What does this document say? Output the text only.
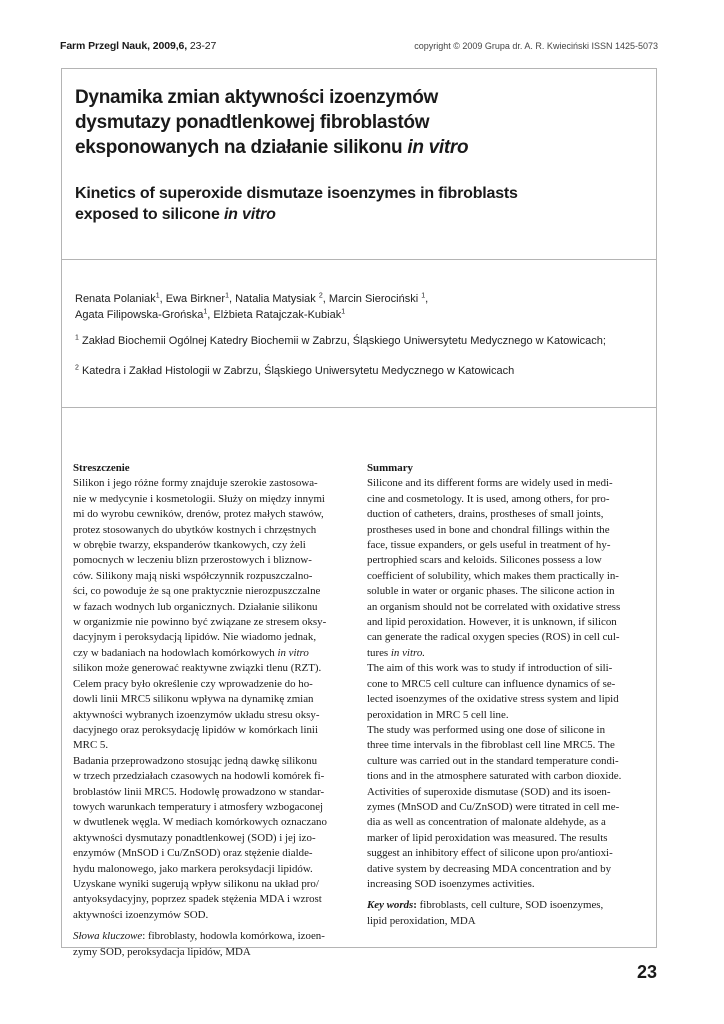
Farm Przegl Nauk, 2009,6, 23-27	copyright © 2009 Grupa dr. A. R. Kwieciński ISSN 1425-5073
Dynamika zmian aktywności izoenzymów
dysmutazy ponadtlenkowej fibroblastów
eksponowanych na działanie silikonu in vitro
Kinetics of superoxide dismutaze isoenzymes in fibroblasts
exposed to silicone in vitro
Renata Polaniak$^1$, Ewa Birkner$^1$, Natalia Matysiak $^2$, Marcin Sierociński $^1$,
Agata Filipowska-Grońska$^1$, Elżbieta Ratajczak-Kubiak$^1$
$^1$ Zakład Biochemii Ogólnej Katedry Biochemii w Zabrzu, Śląskiego Uniwersytetu Medycznego w Katowicach;
$^2$ Katedra i Zakład Histologii w Zabrzu, Śląskiego Uniwersytetu Medycznego w Katowicach
Streszczenie
Silikon i jego różne formy znajduje szerokie zastosowa-
nie w medycynie i kosmetologii. Służy on między innymi
mi do wyrobu cewników, drenów, protez małych stawów,
protez stosowanych do ubytków kostnych i chrzęstnych
w obrębie twarzy, ekspanderów tkankowych, czy żeli
pomocnych w leczeniu blizn przerostowych i bliznow-
ców. Silikony mają niski współczynnik rozpuszczalno-
ści, co powoduje że są one praktycznie nierozpuszczalne
w fazach wodnych lub organicznych. Działanie silikonu
w organizmie nie powinno być związane ze stresem oksy-
dacyjnym i peroksydacją lipidów. Nie wiadomo jednak,
czy w badaniach na hodowlach komórkowych in vitro
silikon może generować reaktywne związki tlenu (RZT).
Celem pracy było określenie czy wprowadzenie do ho-
dowli linii MRC5 silikonu wpływa na dynamikę zmian
aktywności wybranych izoenzymów układu stresu oksy-
dacyjnego oraz peroksydację lipidów w komórkach linii
MRC 5.
Badania przeprowadzono stosując jedną dawkę silikonu
w trzech przedziałach czasowych na hodowli komórek fi-
broblastów linii MRC5. Hodowlę prowadzono w standar-
towych warunkach temperatury i atmosfery wzbogaconej
w dwutlenek węgla. W mediach komórkowych oznaczano
aktywności dysmutazy ponadtlenkowej (SOD) i jej izo-
enzymów (MnSOD i Cu/ZnSOD) oraz stężenie dialde-
hydu malonowego, jako markera peroksydacji lipidów.
Uzyskane wyniki sugerują wpływ silikonu na układ pro/
antyoksydacyjny, poprzez spadek stężenia MDA i wzrost
aktywności izoenzymów SOD.
Słowa kluczowe: fibroblasty, hodowla komórkowa, izoen-
zymy SOD, peroksydacja lipidów, MDA
Summary
Silicone and its different forms are widely used in medi-
cine and cosmetology. It is used, among others, for pro-
duction of catheters, drains, prostheses of small joints,
prostheses used in bone and chondral fillings within the
face, tissue expanders, or gels useful in treatment of hy-
pertrophied scars and keloids. Silicones possess a low
coefficient of solubility, which makes them practically in-
soluble in water or organic phases. The silicone action in
an organism should not be correlated with oxidative stress
and lipid peroxidation. However, it is unknown, if silicon
can generate the radical oxygen species (ROS) in cell cul-
tures in vitro.
The aim of this work was to study if introduction of sili-
cone to MRC5 cell culture can influence dynamics of se-
lected isoenzymes of the oxidative stress system and lipid
peroxidation in MRC 5 cell line.
The study was performed using one dose of silicone in
three time intervals in the fibroblast cell line MRC5. The
culture was carried out in the standard temperature condi-
tions and in the atmosphere saturated with carbon dioxide.
Activities of superoxide dismutase (SOD) and its isoen-
zymes (MnSOD and Cu/ZnSOD) were titrated in cell me-
dia as well as concentration of malonate aldehyde, as a
marker of lipid peroxidation was measured. The results
suggest an inhibitory effect of silicone upon pro/antioxi-
dative system by decreasing MDA concentration and by
increasing SOD isoenzymes activities.
Key words: fibroblasts, cell culture, SOD isoenzymes,
lipid peroxidation, MDA
23
